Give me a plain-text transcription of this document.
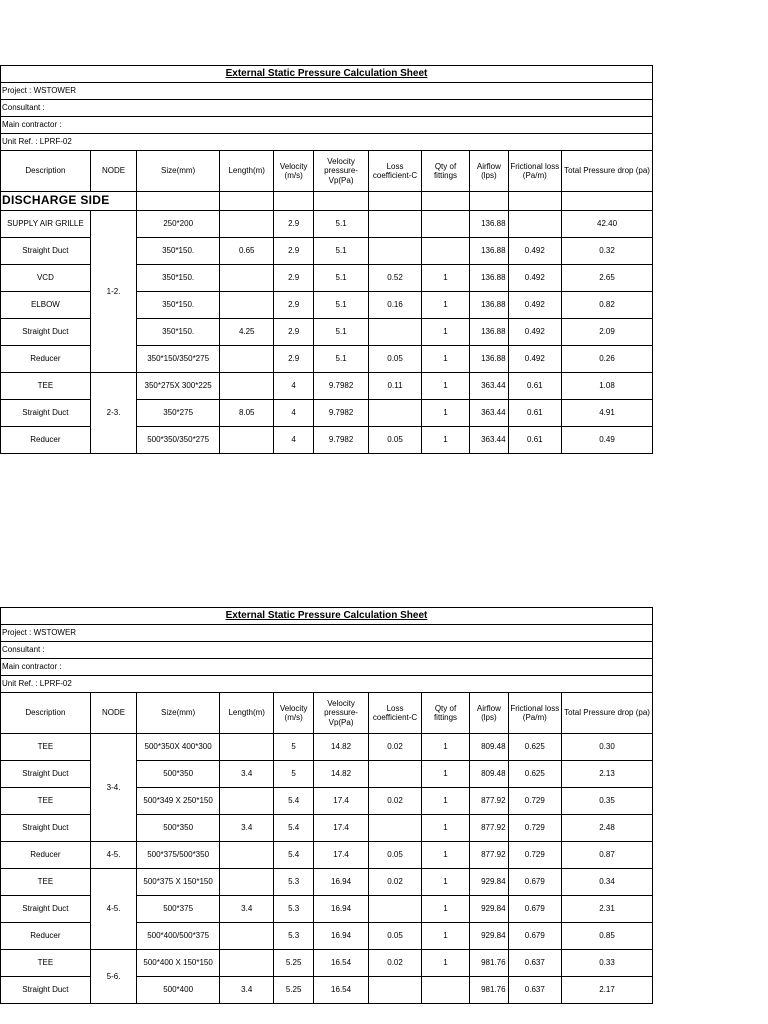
External Static Pressure Calculation Sheet										
Project : WSTOWER										
Consultant :										
Main contractor :										
Unit Ref. : LPRF-02										
Description	NODE	Size(mm)	Length(m)	Velocity (m/s)	Velocity pressure-Vp(Pa)	Loss coefficient-C	Qty of fittings	Airflow (lps)	Frictional loss (Pa/m)	Total Pressure drop (pa)
DISCHARGE SIDE										
SUPPLY AIR GRILLE	1-2.	250*200		2.9	5.1			136.88		42.40
Straight Duct		350*150.	0.65	2.9	5.1			136.88	0.492	0.32
VCD		350*150.		2.9	5.1	0.52	1	136.88	0.492	2.65
ELBOW		350*150.		2.9	5.1	0.16	1	136.88	0.492	0.82
Straight Duct		350*150.	4.25	2.9	5.1		1	136.88	0.492	2.09
Reducer		350*150/350*275		2.9	5.1	0.05	1	136.88	0.492	0.26
TEE	2-3.	350*275X 300*225		4	9.7982	0.11	1	363.44	0.61	1.08
Straight Duct		350*275	8.05	4	9.7982		1	363.44	0.61	4.91
Reducer		500*350/350*275		4	9.7982	0.05	1	363.44	0.61	0.49
External Static Pressure Calculation Sheet										
Project : WSTOWER										
Consultant :										
Main contractor :										
Unit Ref. : LPRF-02										
Description	NODE	Size(mm)	Length(m)	Velocity (m/s)	Velocity pressure-Vp(Pa)	Loss coefficient-C	Qty of fittings	Airflow (lps)	Frictional loss (Pa/m)	Total Pressure drop (pa)
TEE	3-4.	500*350X 400*300		5	14.82	0.02	1	809.48	0.625	0.30
Straight Duct		500*350	3.4	5	14.82		1	809.48	0.625	2.13
TEE		500*349 X 250*150		5.4	17.4	0.02	1	877.92	0.729	0.35
Straight Duct		500*350	3.4	5.4	17.4		1	877.92	0.729	2.48
Reducer	4-5.	500*375/500*350		5.4	17.4	0.05	1	877.92	0.729	0.87
TEE	4-5.	500*375 X 150*150		5.3	16.94	0.02	1	929.84	0.679	0.34
Straight Duct		500*375	3.4	5.3	16.94		1	929.84	0.679	2.31
Reducer		500*400/500*375		5.3	16.94	0.05	1	929.84	0.679	0.85
TEE	5-6.	500*400 X 150*150		5.25	16.54	0.02	1	981.76	0.637	0.33
Straight Duct		500*400	3.4	5.25	16.54			981.76	0.637	2.17
